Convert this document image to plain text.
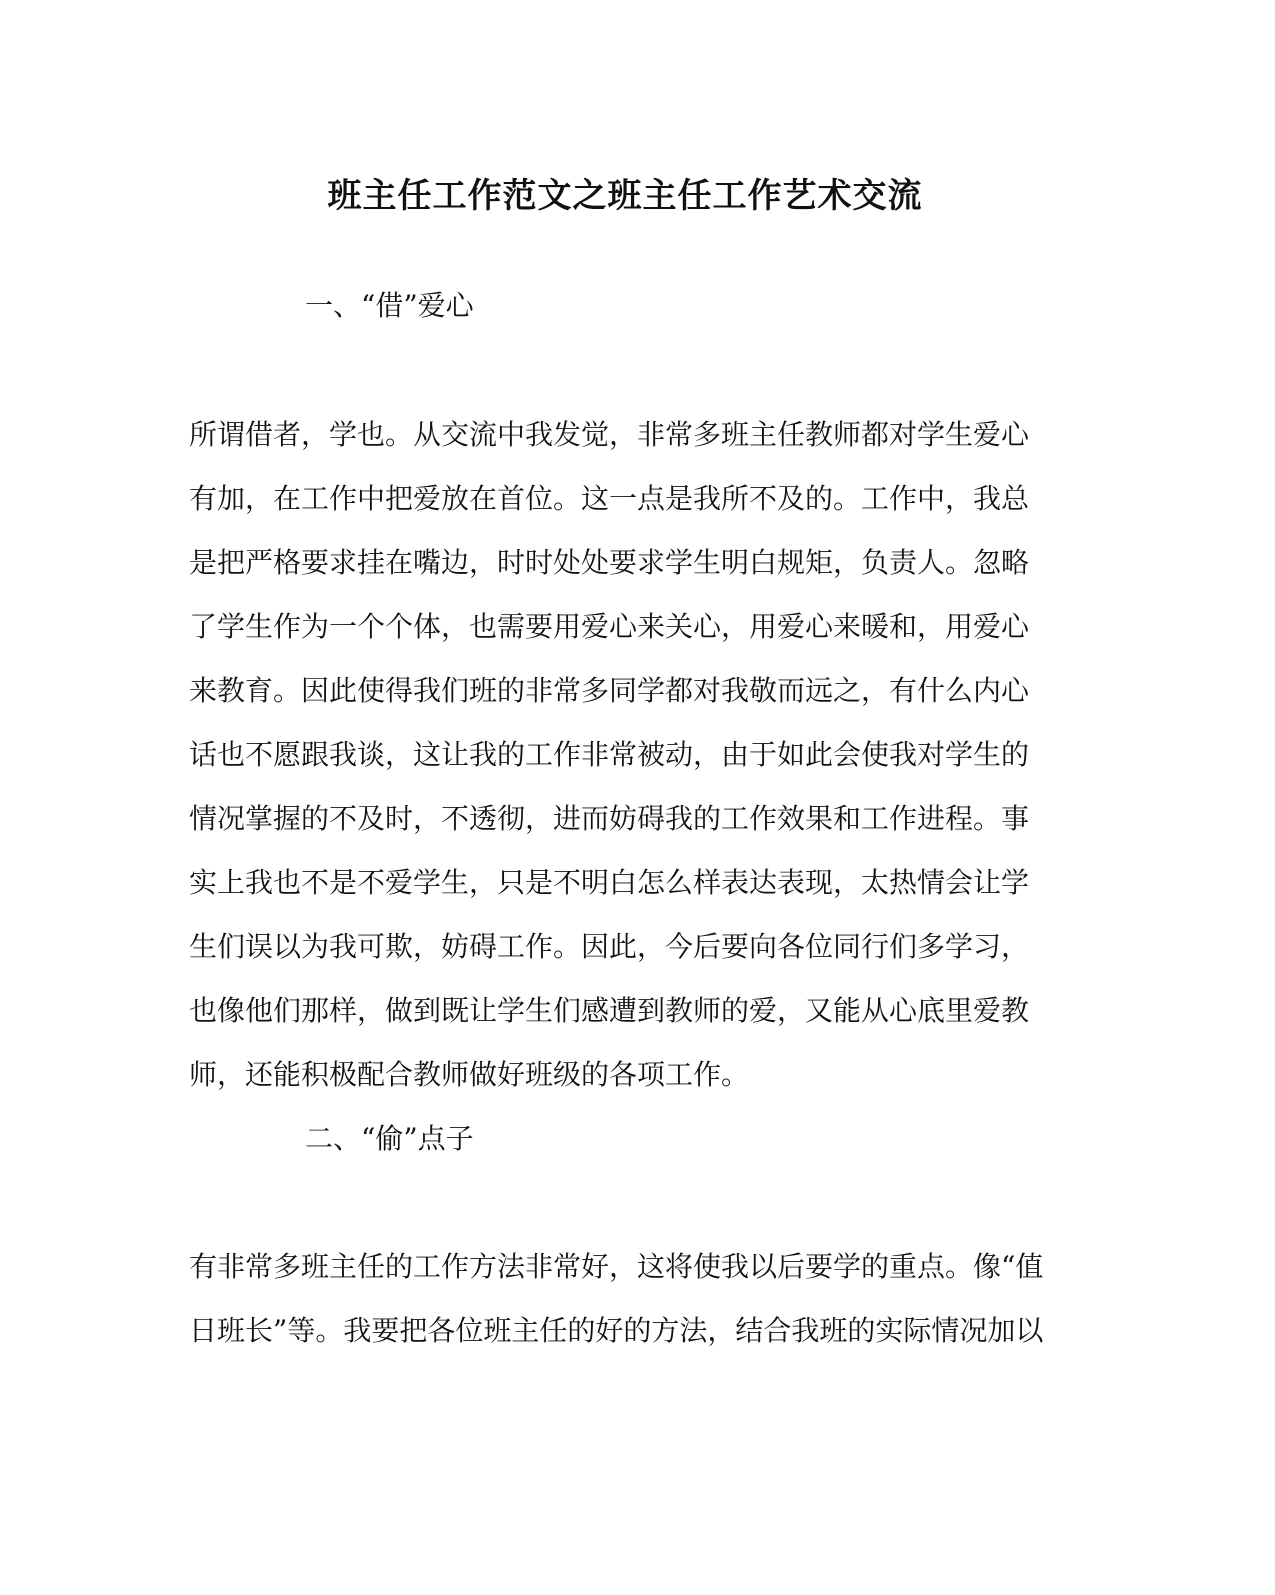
班主任工作范文之班主任工作艺术交流

一、“借”爱心

所谓借者，学也。从交流中我发觉，非常多班主任教师都对学生爱心
有加，在工作中把爱放在首位。这一点是我所不及的。工作中，我总
是把严格要求挂在嘴边，时时处处要求学生明白规矩，负责人。忽略
了学生作为一个个体，也需要用爱心来关心，用爱心来暖和，用爱心
来教育。因此使得我们班的非常多同学都对我敬而远之，有什么内心
话也不愿跟我谈，这让我的工作非常被动，由于如此会使我对学生的
情况掌握的不及时，不透彻，进而妨碍我的工作效果和工作进程。事
实上我也不是不爱学生，只是不明白怎么样表达表现，太热情会让学
生们误以为我可欺，妨碍工作。因此，今后要向各位同行们多学习，
也像他们那样，做到既让学生们感遭到教师的爱，又能从心底里爱教
师，还能积极配合教师做好班级的各项工作。

二、“偷”点子

有非常多班主任的工作方法非常好，这将使我以后要学的重点。像“值
日班长”等。我要把各位班主任的好的方法，结合我班的实际情况加以
